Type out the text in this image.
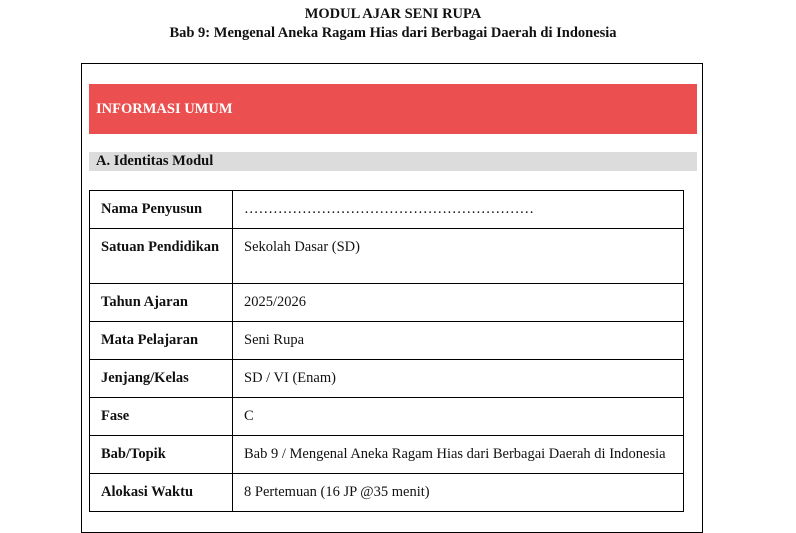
MODUL AJAR SENI RUPA
Bab 9: Mengenal Aneka Ragam Hias dari Berbagai Daerah di Indonesia
INFORMASI UMUM
A. Identitas Modul
Nama Penyusun	……………………………………………………
Satuan Pendidikan	Sekolah Dasar (SD)
Tahun Ajaran	2025/2026
Mata Pelajaran	Seni Rupa
Jenjang/Kelas	SD / VI (Enam)
Fase	C
Bab/Topik	Bab 9 / Mengenal Aneka Ragam Hias dari Berbagai Daerah di Indonesia
Alokasi Waktu	8 Pertemuan (16 JP @35 menit)
